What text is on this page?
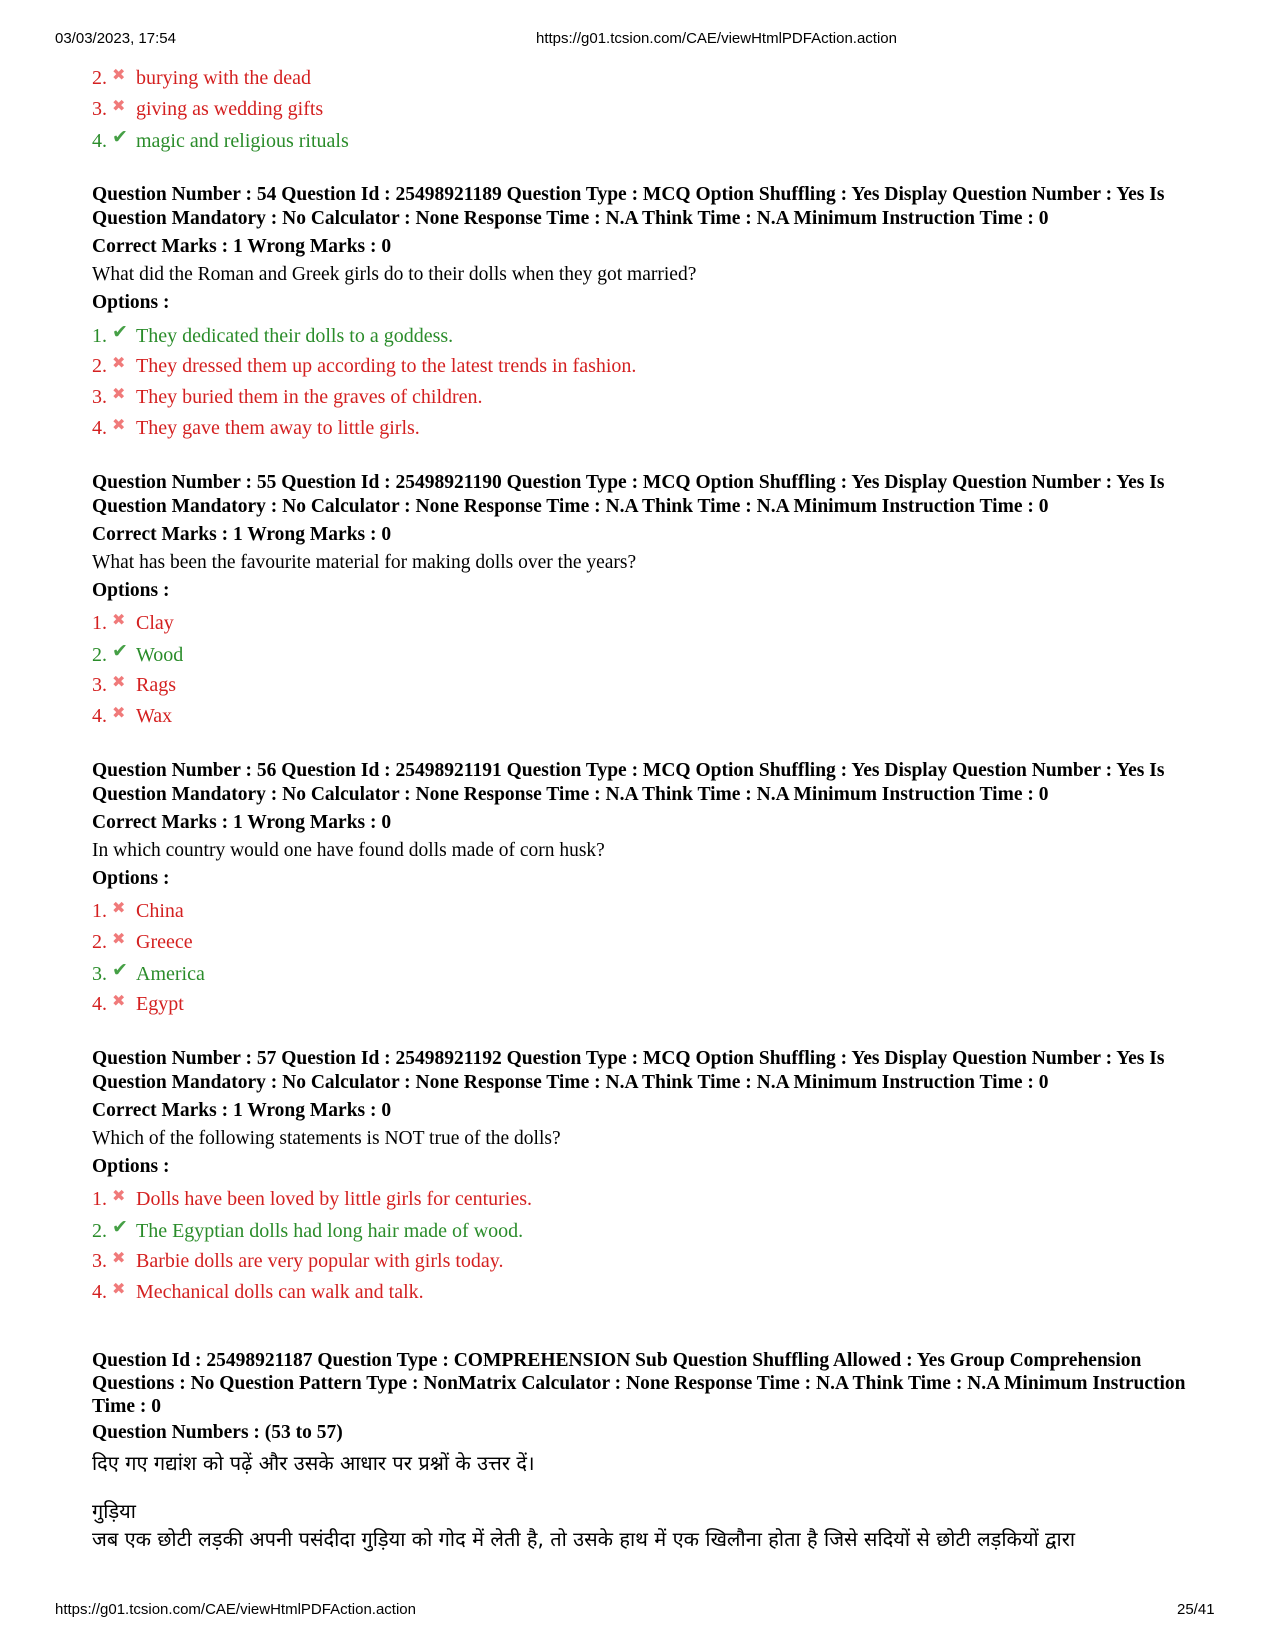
03/03/2023, 17:54	https://g01.tcsion.com/CAE/viewHtmlPDFAction.action
2. ✖ burying with the dead
3. ✖ giving as wedding gifts
4. ✔ magic and religious rituals
Question Number : 54 Question Id : 25498921189 Question Type : MCQ Option Shuffling : Yes Display Question Number : Yes Is Question Mandatory : No Calculator : None Response Time : N.A Think Time : N.A Minimum Instruction Time : 0
Correct Marks : 1 Wrong Marks : 0
What did the Roman and Greek girls do to their dolls when they got married?
Options :
1. ✔ They dedicated their dolls to a goddess.
2. ✖ They dressed them up according to the latest trends in fashion.
3. ✖ They buried them in the graves of children.
4. ✖ They gave them away to little girls.
Question Number : 55 Question Id : 25498921190 Question Type : MCQ Option Shuffling : Yes Display Question Number : Yes Is Question Mandatory : No Calculator : None Response Time : N.A Think Time : N.A Minimum Instruction Time : 0
Correct Marks : 1 Wrong Marks : 0
What has been the favourite material for making dolls over the years?
Options :
1. ✖ Clay
2. ✔ Wood
3. ✖ Rags
4. ✖ Wax
Question Number : 56 Question Id : 25498921191 Question Type : MCQ Option Shuffling : Yes Display Question Number : Yes Is Question Mandatory : No Calculator : None Response Time : N.A Think Time : N.A Minimum Instruction Time : 0
Correct Marks : 1 Wrong Marks : 0
In which country would one have found dolls made of corn husk?
Options :
1. ✖ China
2. ✖ Greece
3. ✔ America
4. ✖ Egypt
Question Number : 57 Question Id : 25498921192 Question Type : MCQ Option Shuffling : Yes Display Question Number : Yes Is Question Mandatory : No Calculator : None Response Time : N.A Think Time : N.A Minimum Instruction Time : 0
Correct Marks : 1 Wrong Marks : 0
Which of the following statements is NOT true of the dolls?
Options :
1. ✖ Dolls have been loved by little girls for centuries.
2. ✔ The Egyptian dolls had long hair made of wood.
3. ✖ Barbie dolls are very popular with girls today.
4. ✖ Mechanical dolls can walk and talk.
Question Id : 25498921187 Question Type : COMPREHENSION Sub Question Shuffling Allowed : Yes Group Comprehension Questions : No Question Pattern Type : NonMatrix Calculator : None Response Time : N.A Think Time : N.A Minimum Instruction Time : 0
Question Numbers : (53 to 57)
दिए गए गद्यांश को पढ़ें और उसके आधार पर प्रश्नों के उत्तर दें।
गुड़िया
जब एक छोटी लड़की अपनी पसंदीदा गुड़िया को गोद में लेती है, तो उसके हाथ में एक खिलौना होता है जिसे सदियों से छोटी लड़कियों द्वारा
https://g01.tcsion.com/CAE/viewHtmlPDFAction.action	25/41
